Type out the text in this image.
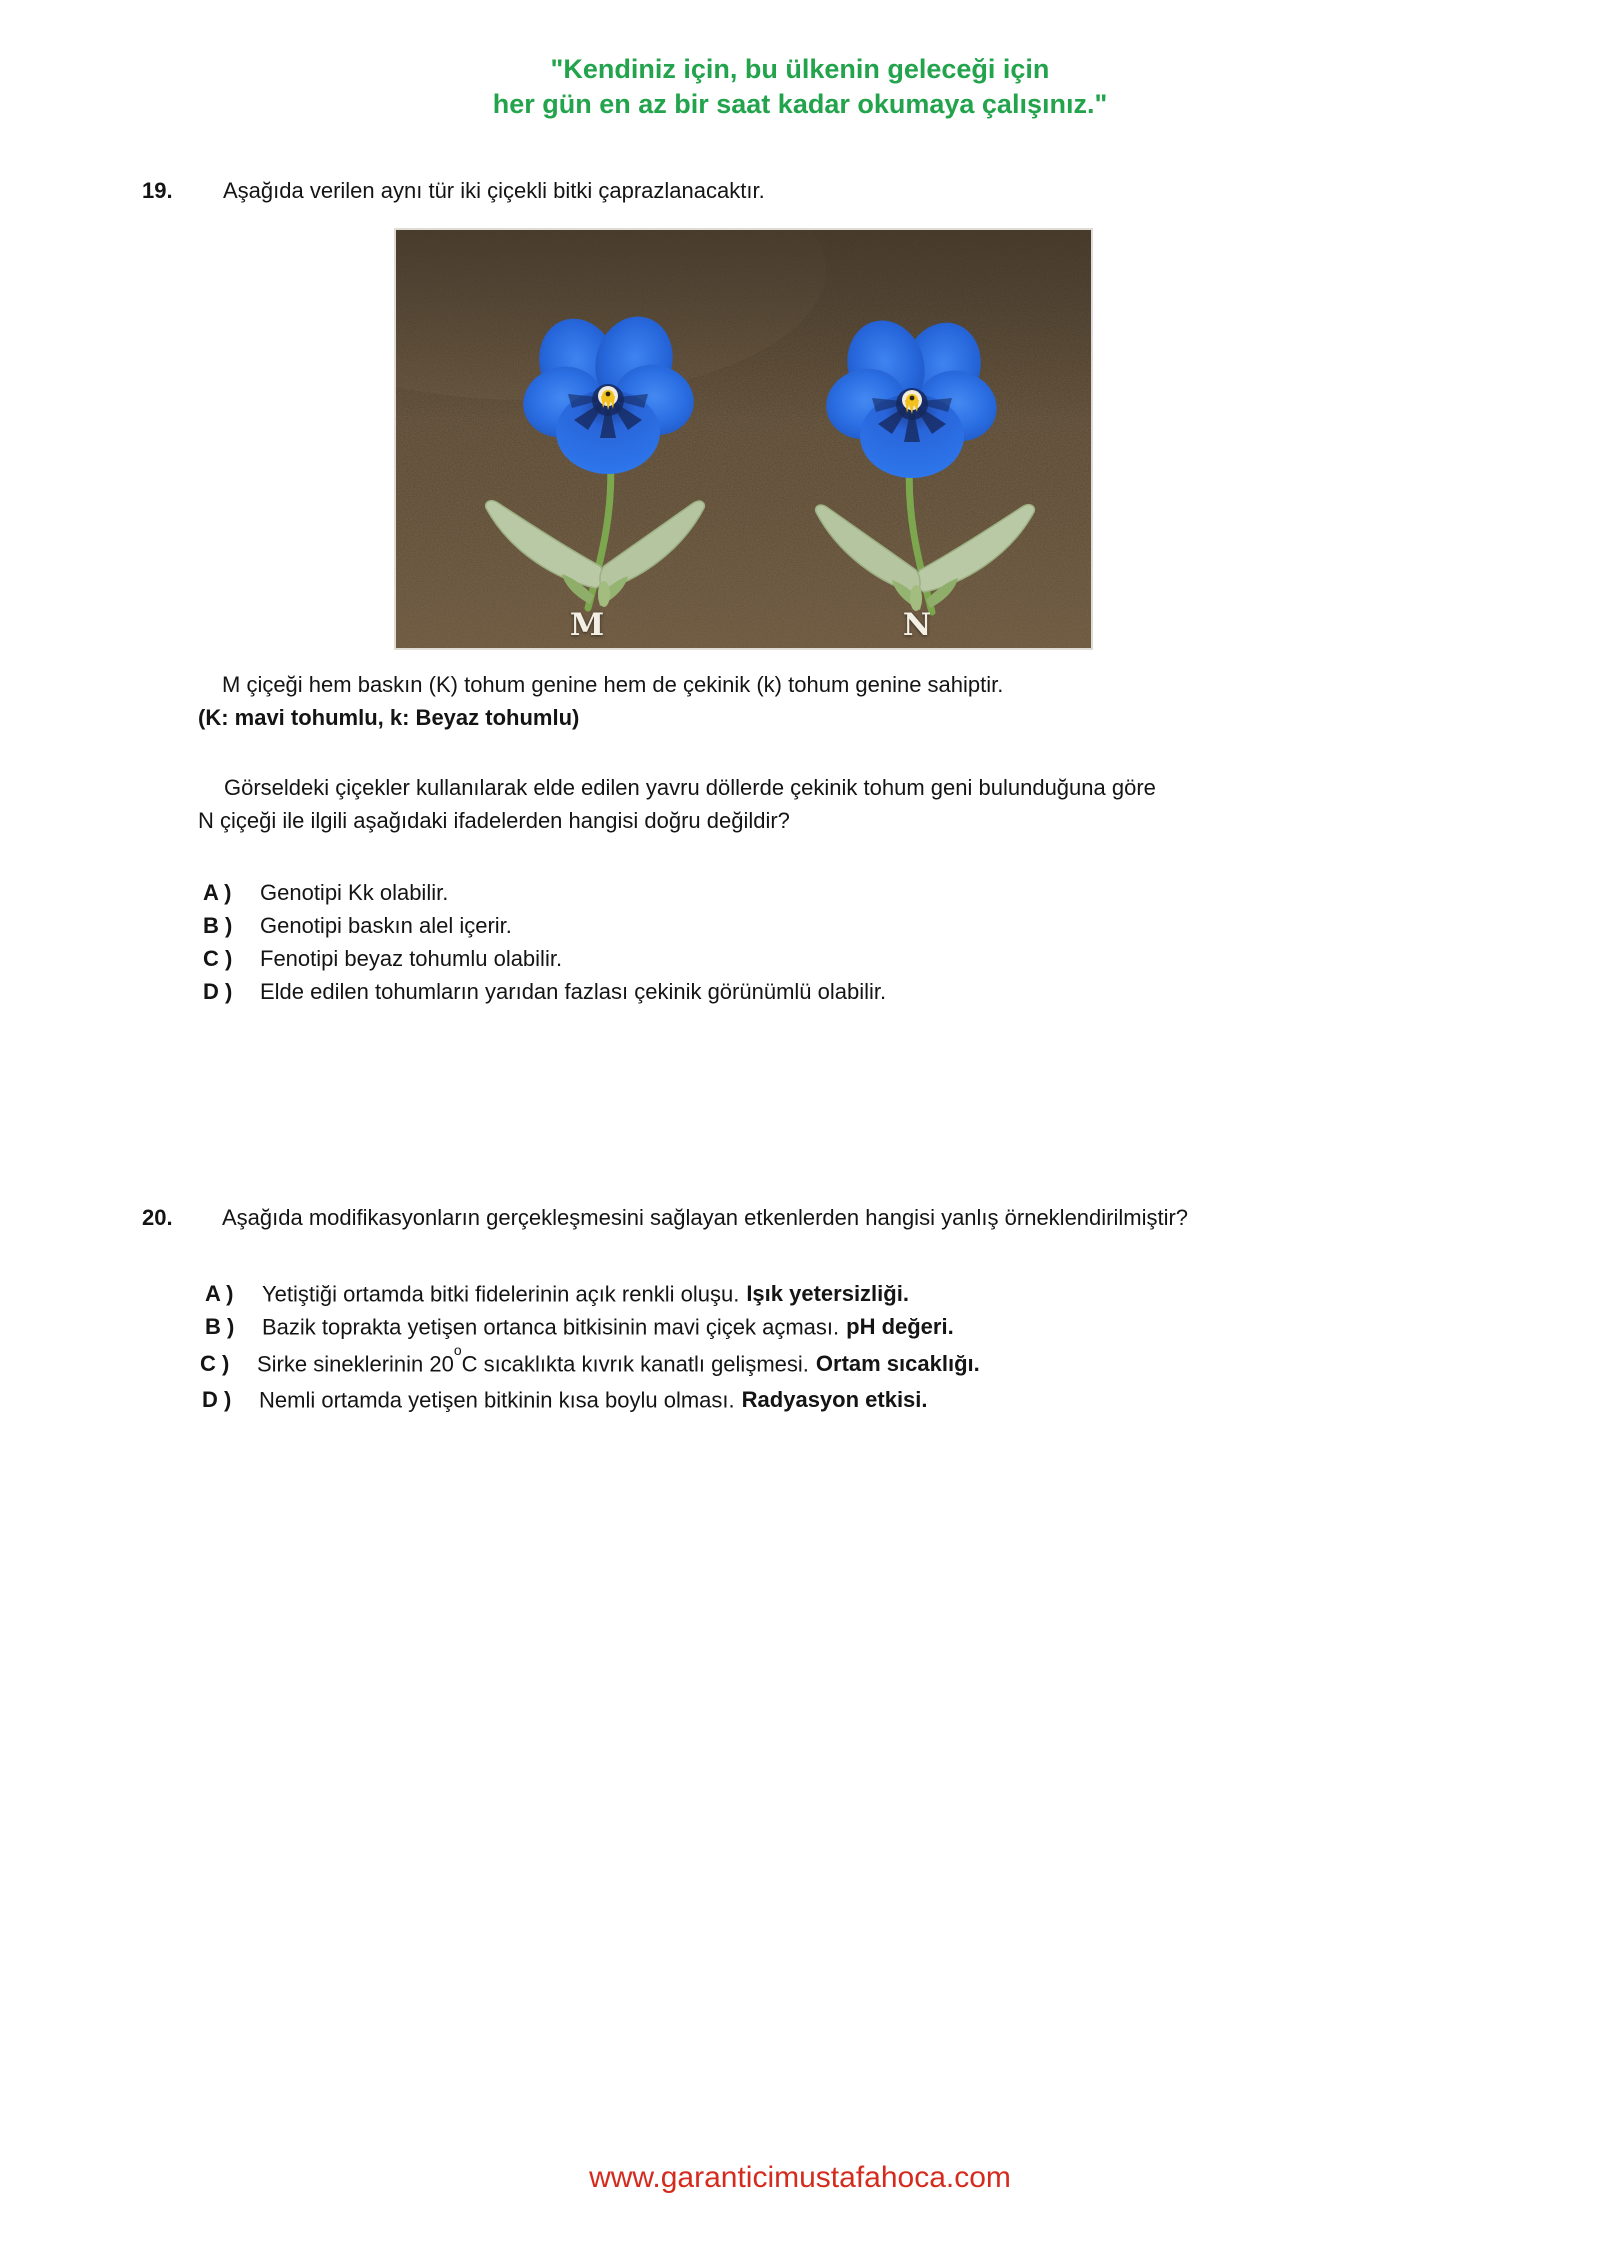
"Kendiniz için, bu ülkenin geleceği için
her gün en az bir saat kadar okumaya çalışınız."
19. Aşağıda verilen aynı tür iki çiçekli bitki çaprazlanacaktır.
M	N
M çiçeği hem baskın (K) tohum genine hem de çekinik (k) tohum genine sahiptir.
(K: mavi tohumlu, k: Beyaz tohumlu)
Görseldeki çiçekler kullanılarak elde edilen yavru döllerde çekinik tohum geni bulunduğuna göre
N çiçeği ile ilgili aşağıdaki ifadelerden hangisi doğru değildir?
A ) Genotipi Kk olabilir.
B ) Genotipi baskın alel içerir.
C ) Fenotipi beyaz tohumlu olabilir.
D ) Elde edilen tohumların yarıdan fazlası çekinik görünümlü olabilir.
20. Aşağıda modifikasyonların gerçekleşmesini sağlayan etkenlerden hangisi yanlış örneklendirilmiştir?
A ) Yetiştiği ortamda bitki fidelerinin açık renkli oluşu. Işık yetersizliği.
B ) Bazik toprakta yetişen ortanca bitkisinin mavi çiçek açması. pH değeri.
C ) Sirke sineklerinin 20$^o$C sıcaklıkta kıvrık kanatlı gelişmesi. Ortam sıcaklığı.
D ) Nemli ortamda yetişen bitkinin kısa boylu olması. Radyasyon etkisi.
www.garanticimustafahoca.com
